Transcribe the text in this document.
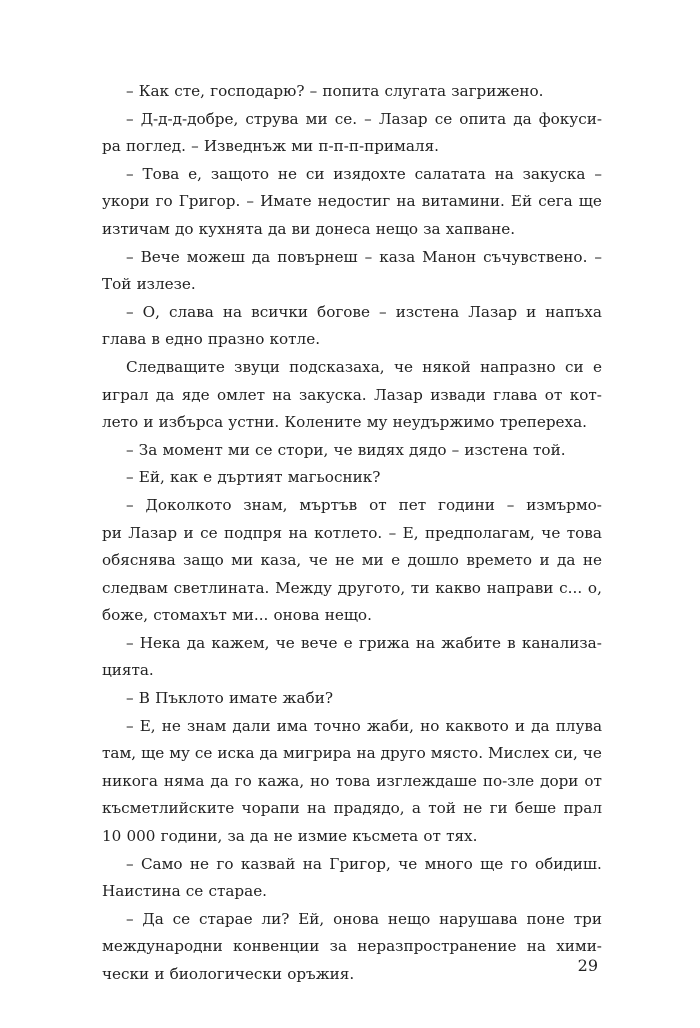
– Как сте, господарю? – попита слугата загрижено.
– Д-д-д-добре, струва ми се. – Лазар се опита да фокуси-
ра поглед. – Изведнъж ми п-п-п-прималя.
– Това е, защото не си изядохте салатата на закуска –
укори го Григор. – Имате недостиг на витамини. Ей сега ще
изтичам до кухнята да ви донеса нещо за хапване.
– Вече можеш да повърнеш – каза Манон съчувствено. –
Той излезе.
– О, слава на всички богове – изстена Лазар и напъха
глава в едно празно котле.
Следващите звуци подсказаха, че някой напразно си е
играл да яде омлет на закуска. Лазар извади глава от кот-
лето и избърса устни. Колените му неудържимо трепереха.
– За момент ми се стори, че видях дядо – изстена той.
– Ей, как е дъртият магьосник?
– Доколкото знам, мъртъв от пет години – измърмо-
ри Лазар и се подпря на котлето. – Е, предполагам, че това
обяснява защо ми каза, че не ми е дошло времето и да не
следвам светлината. Между другото, ти какво направи с... о,
боже, стомахът ми... онова нещо.
– Нека да кажем, че вече е грижа на жабите в канализа-
цията.
– В Пъклото имате жаби?
– Е, не знам дали има точно жаби, но каквото и да плува
там, ще му се иска да мигрира на друго място. Мислех си, че
никога няма да го кажа, но това изглеждаше по-зле дори от
късметлийските чорапи на прадядо, а той не ги беше прал
10 000 години, за да не измие късмета от тях.
– Само не го казвай на Григор, че много ще го обидиш.
Наистина се старае.
– Да се старае ли? Ей, онова нещо нарушава поне три
международни конвенции за неразпространение на хими-
чески и биологически оръжия.	29
